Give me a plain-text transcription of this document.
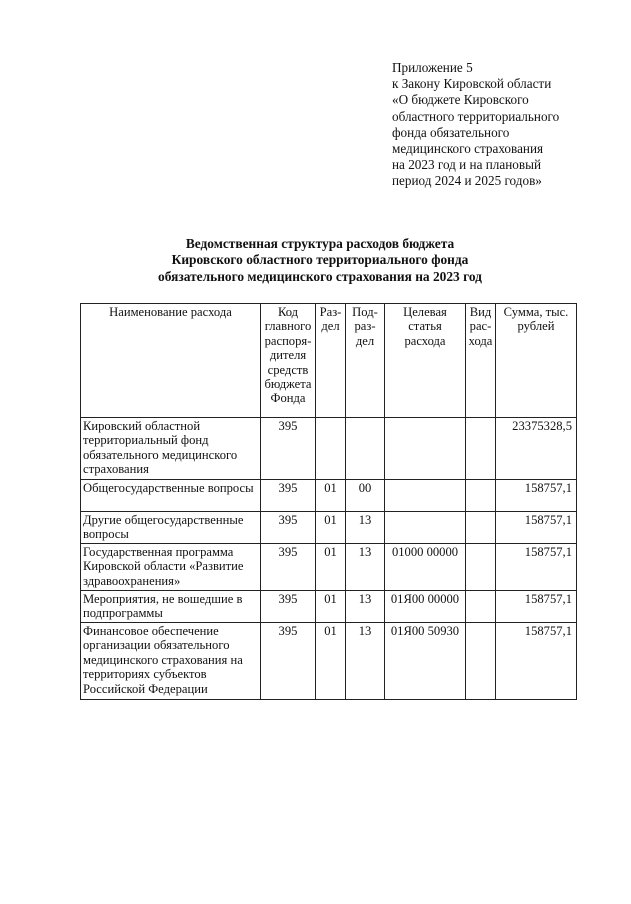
Приложение 5
к Закону Кировской области
«О бюджете Кировского
областного территориального
фонда обязательного
медицинского страхования
на 2023 год и на плановый
период 2024 и 2025 годов»
Ведомственная структура расходов бюджета
Кировского областного территориального фонда
обязательного медицинского страхования на 2023 год
Наименование расхода	Код главного распоря-дителя средств бюджета Фонда	Раз-дел	Под-раз-дел	Целевая статья расхода	Вид рас-хода	Сумма, тыс. рублей
Кировский областной территориальный фонд обязательного медицинского страхования	395					23375328,5
Общегосударственные вопросы	395	01	00			158757,1
Другие общегосударственные вопросы	395	01	13			158757,1
Государственная программа Кировской области «Развитие здравоохранения»	395	01	13	01000 00000		158757,1
Мероприятия, не вошедшие в подпрограммы	395	01	13	01Я00 00000		158757,1
Финансовое обеспечение организации обязательного медицинского страхования на территориях субъектов Российской Федерации	395	01	13	01Я00 50930		158757,1
